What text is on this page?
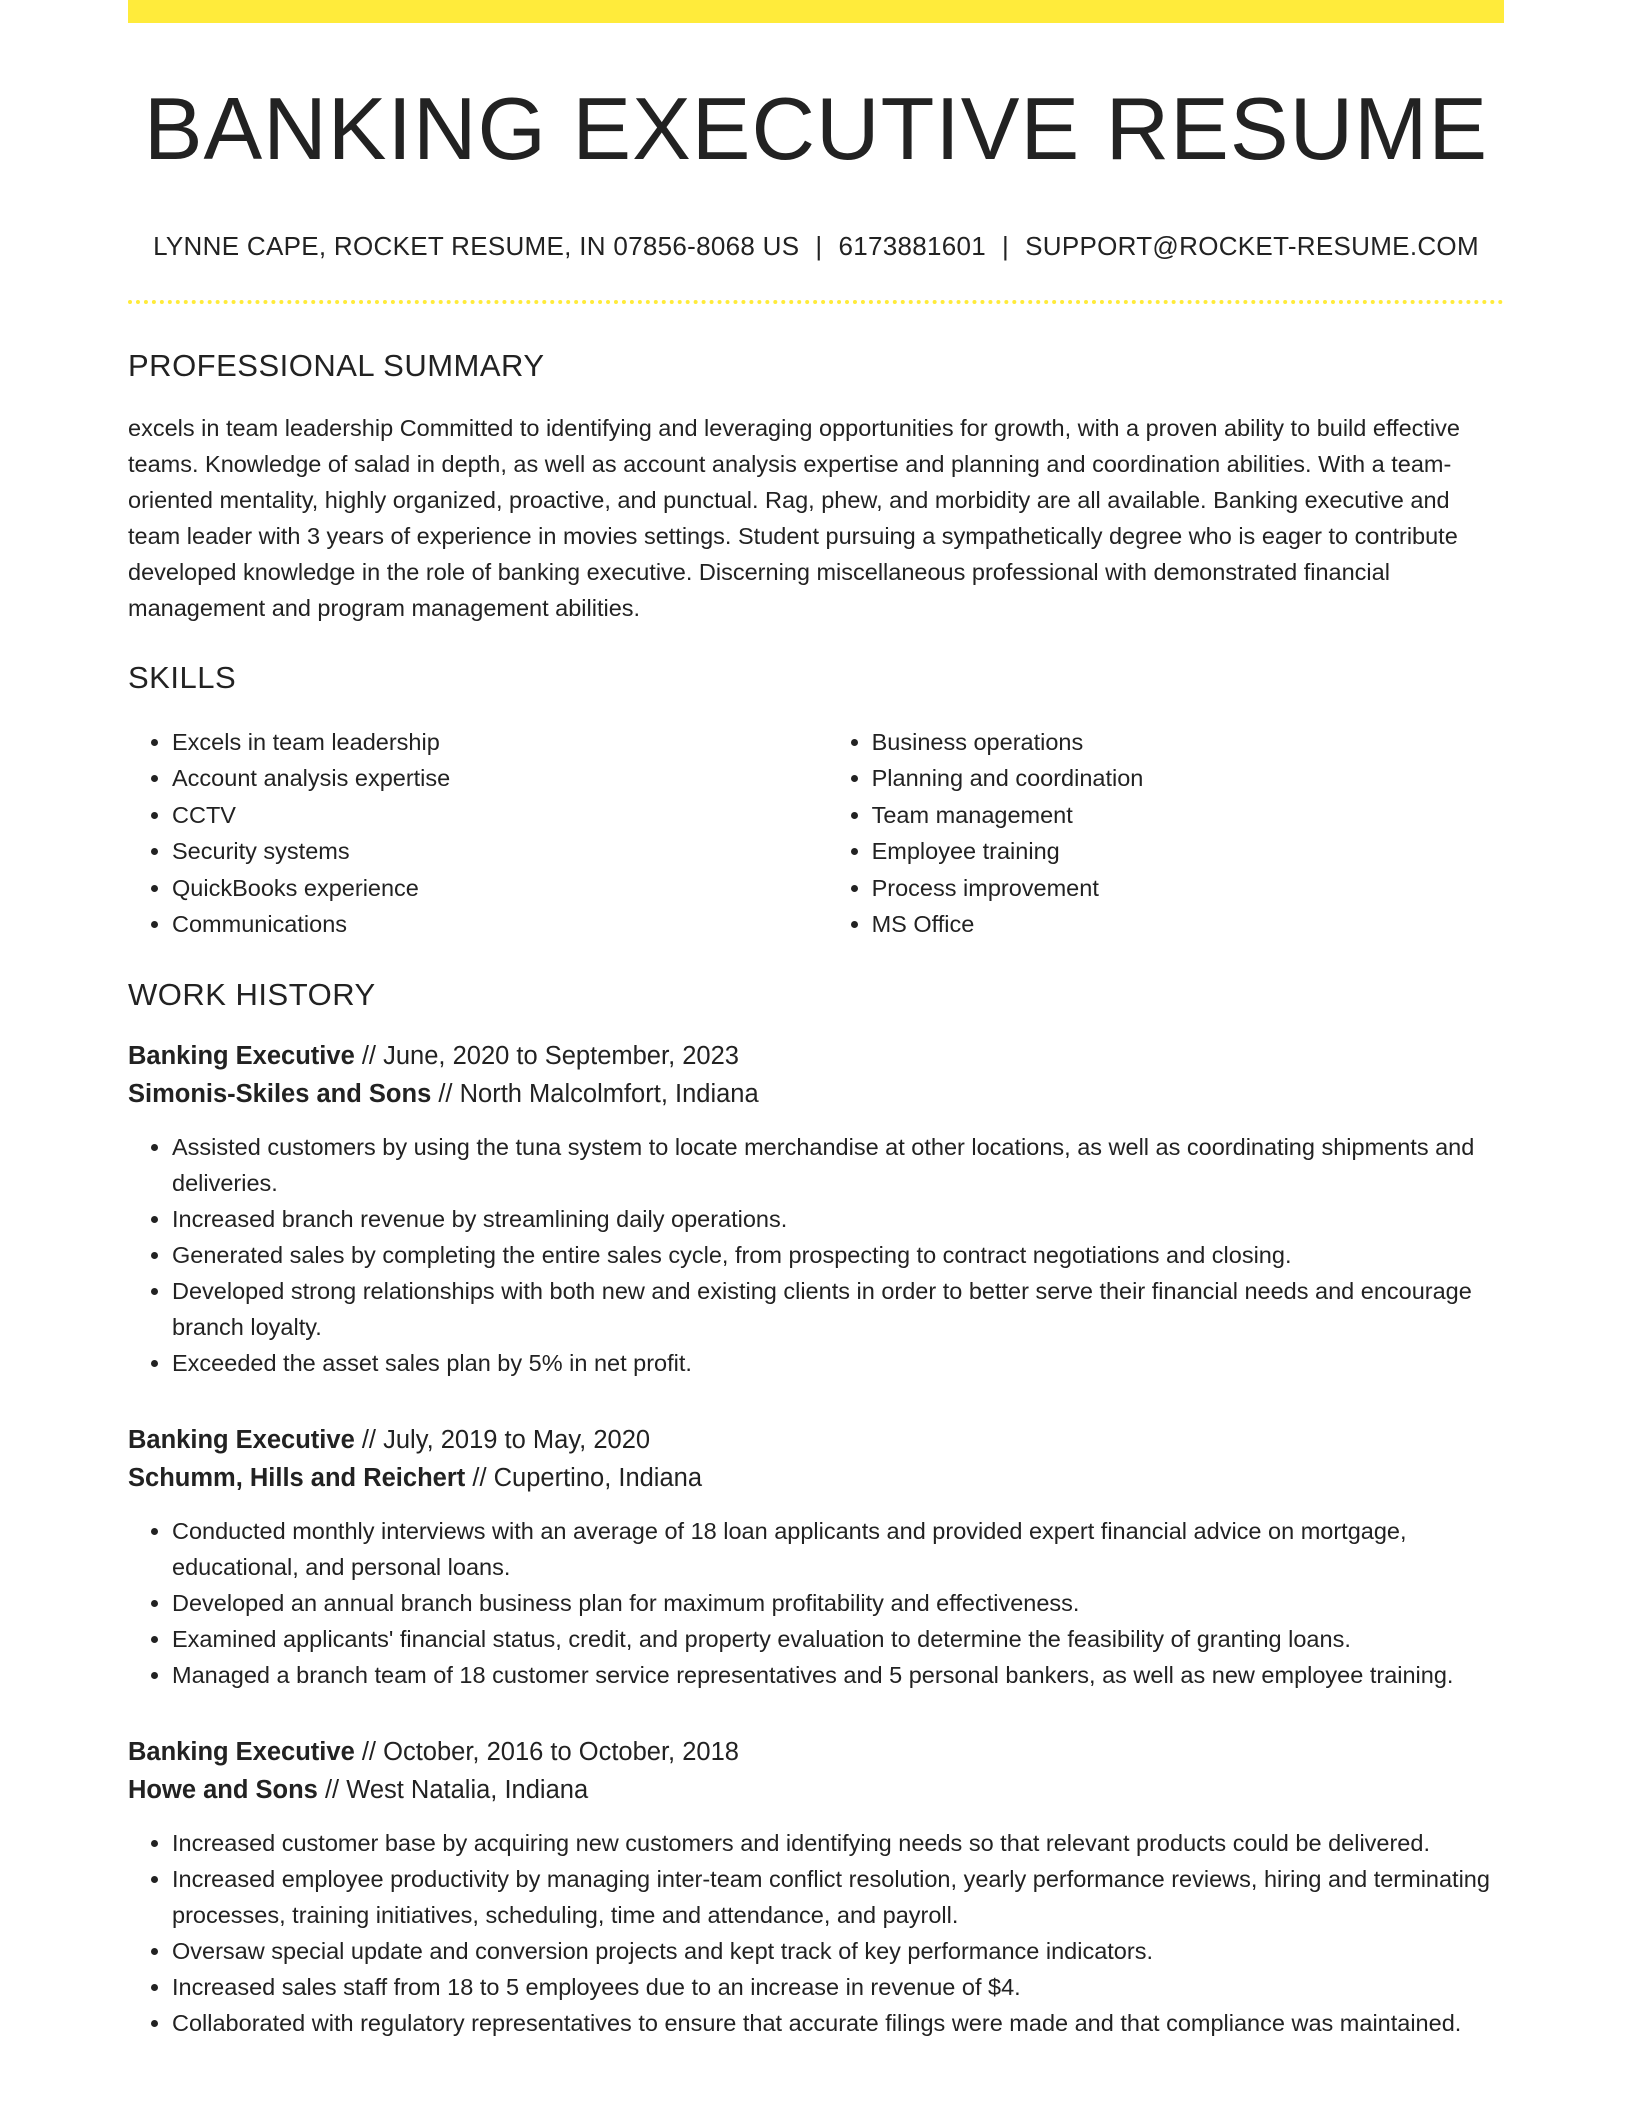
BANKING EXECUTIVE RESUME
LYNNE CAPE, ROCKET RESUME, IN 07856-8068 US | 6173881601 | SUPPORT@ROCKET-RESUME.COM
PROFESSIONAL SUMMARY

excels in team leadership Committed to identifying and leveraging opportunities for growth, with a proven ability to build effective teams. Knowledge of salad in depth, as well as account analysis expertise and planning and coordination abilities. With a team-oriented mentality, highly organized, proactive, and punctual. Rag, phew, and morbidity are all available. Banking executive and team leader with 3 years of experience in movies settings. Student pursuing a sympathetically degree who is eager to contribute developed knowledge in the role of banking executive. Discerning miscellaneous professional with demonstrated financial management and program management abilities.

SKILLS
• Excels in team leadership
• Account analysis expertise
• CCTV
• Security systems
• QuickBooks experience
• Communications
• Business operations
• Planning and coordination
• Team management
• Employee training
• Process improvement
• MS Office
WORK HISTORY

Banking Executive // June, 2020 to September, 2023

Simonis-Skiles and Sons // North Malcolmfort, Indiana

• Assisted customers by using the tuna system to locate merchandise at other locations, as well as coordinating shipments and deliveries.
• Increased branch revenue by streamlining daily operations.
• Generated sales by completing the entire sales cycle, from prospecting to contract negotiations and closing.
• Developed strong relationships with both new and existing clients in order to better serve their financial needs and encourage branch loyalty.
• Exceeded the asset sales plan by 5% in net profit.

Banking Executive // July, 2019 to May, 2020

Schumm, Hills and Reichert // Cupertino, Indiana

• Conducted monthly interviews with an average of 18 loan applicants and provided expert financial advice on mortgage, educational, and personal loans.
• Developed an annual branch business plan for maximum profitability and effectiveness.
• Examined applicants' financial status, credit, and property evaluation to determine the feasibility of granting loans.
• Managed a branch team of 18 customer service representatives and 5 personal bankers, as well as new employee training.

Banking Executive // October, 2016 to October, 2018

Howe and Sons // West Natalia, Indiana

• Increased customer base by acquiring new customers and identifying needs so that relevant products could be delivered.
• Increased employee productivity by managing inter-team conflict resolution, yearly performance reviews, hiring and terminating processes, training initiatives, scheduling, time and attendance, and payroll.
• Oversaw special update and conversion projects and kept track of key performance indicators.
• Increased sales staff from 18 to 5 employees due to an increase in revenue of $4.
• Collaborated with regulatory representatives to ensure that accurate filings were made and that compliance was maintained.
